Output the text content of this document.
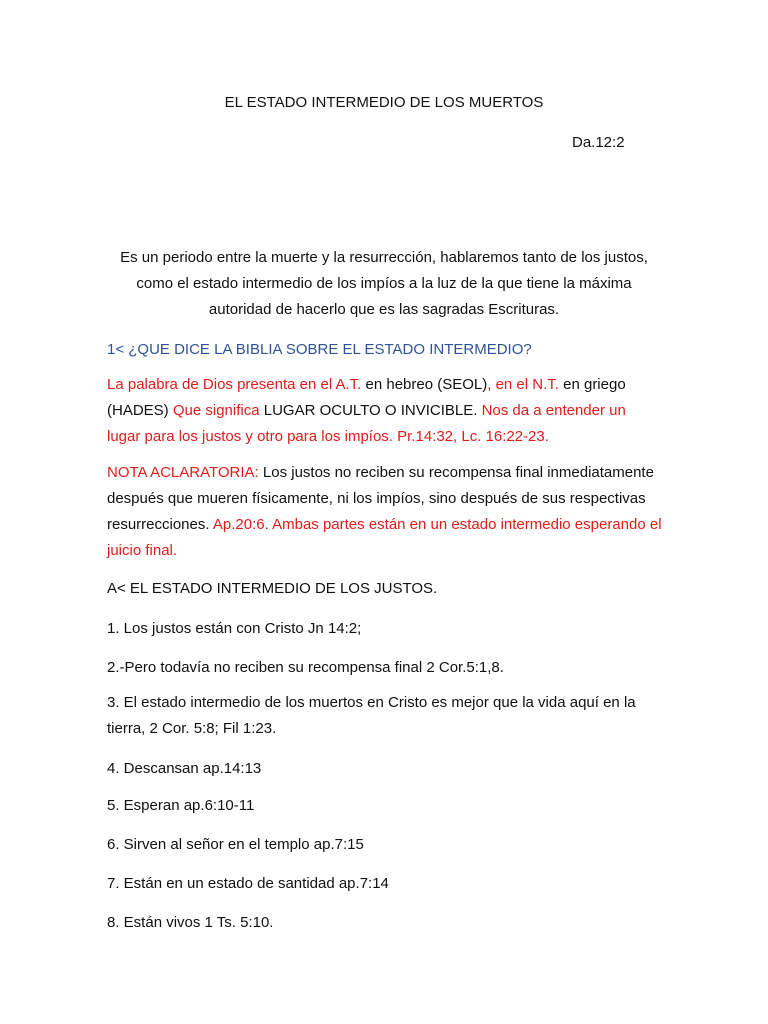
EL ESTADO INTERMEDIO DE LOS MUERTOS
Da.12:2
Es un periodo entre la muerte y la resurrección, hablaremos tanto de los justos, como el estado intermedio de los impíos a la luz de la que tiene la máxima autoridad de hacerlo que es las sagradas Escrituras.
1< ¿QUE DICE LA BIBLIA SOBRE EL ESTADO INTERMEDIO?
La palabra de Dios presenta en el A.T. en hebreo (SEOL), en el N.T. en griego (HADES) Que significa LUGAR OCULTO O INVICIBLE. Nos da a entender un lugar para los justos y otro para los impíos. Pr.14:32, Lc. 16:22-23.
NOTA ACLARATORIA: Los justos no reciben su recompensa final inmediatamente después que mueren físicamente, ni los impíos, sino después de sus respectivas resurrecciones. Ap.20:6. Ambas partes están en un estado intermedio esperando el juicio final.
A< EL ESTADO INTERMEDIO DE LOS JUSTOS.
1. Los justos están con Cristo Jn 14:2;
2.-Pero todavía no reciben su recompensa final 2 Cor.5:1,8.
3. El estado intermedio de los muertos en Cristo es mejor que la vida aquí en la tierra, 2 Cor. 5:8; Fil 1:23.
4. Descansan ap.14:13
5. Esperan ap.6:10-11
6. Sirven al señor en el templo ap.7:15
7. Están en un estado de santidad ap.7:14
8. Están vivos 1 Ts. 5:10.
